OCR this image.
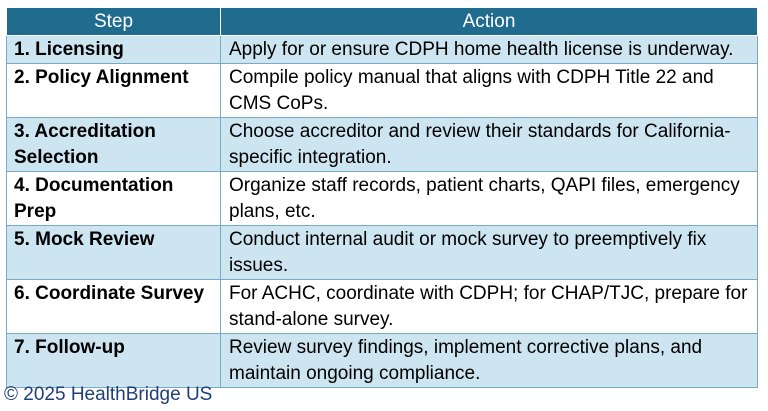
Step	Action
1. Licensing	Apply for or ensure CDPH home health license is underway.
2. Policy Alignment	Compile policy manual that aligns with CDPH Title 22 and CMS CoPs.
3. Accreditation Selection	Choose accreditor and review their standards for California-specific integration.
4. Documentation Prep	Organize staff records, patient charts, QAPI files, emergency plans, etc.
5. Mock Review	Conduct internal audit or mock survey to preemptively fix issues.
6. Coordinate Survey	For ACHC, coordinate with CDPH; for CHAP/TJC, prepare for stand-alone survey.
7. Follow-up	Review survey findings, implement corrective plans, and maintain ongoing compliance.
© 2025 HealthBridge US
